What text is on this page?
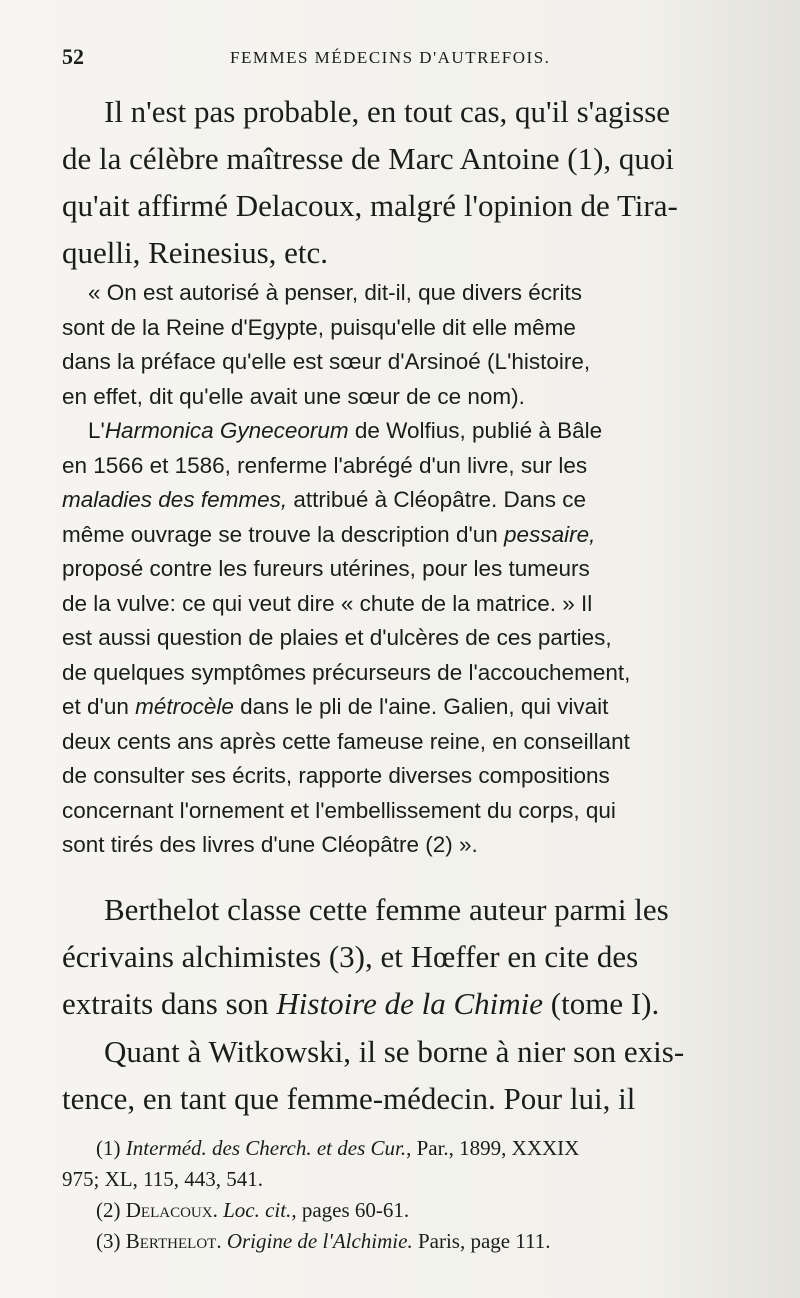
52	FEMMES MÉDECINS D'AUTREFOIS.
Il n'est pas probable, en tout cas, qu'il s'agisse
de la célèbre maîtresse de Marc Antoine (1), quoi
qu'ait affirmé Delacoux, malgré l'opinion de Tira-
quelli, Reinesius, etc.
« On est autorisé à penser, dit-il, que divers écrits
sont de la Reine d'Egypte, puisqu'elle dit elle même
dans la préface qu'elle est sœur d'Arsinoé (L'histoire,
en effet, dit qu'elle avait une sœur de ce nom).
L'Harmonica Gyneceorum de Wolfius, publié à Bâle
en 1566 et 1586, renferme l'abrégé d'un livre, sur les
maladies des femmes, attribué à Cléopâtre. Dans ce
même ouvrage se trouve la description d'un pessaire,
proposé contre les fureurs utérines, pour les tumeurs
de la vulve: ce qui veut dire « chute de la matrice. » Il
est aussi question de plaies et d'ulcères de ces parties,
de quelques symptômes précurseurs de l'accouchement,
et d'un métrocèle dans le pli de l'aine. Galien, qui vivait
deux cents ans après cette fameuse reine, en conseillant
de consulter ses écrits, rapporte diverses compositions
concernant l'ornement et l'embellissement du corps, qui
sont tirés des livres d'une Cléopâtre (2) ».
Berthelot classe cette femme auteur parmi les
écrivains alchimistes (3), et Hœffer en cite des
extraits dans son Histoire de la Chimie (tome I).
Quant à Witkowski, il se borne à nier son exis-
tence, en tant que femme-médecin. Pour lui, il

(1) Interméd. des Cherch. et des Cur., Par., 1899, XXXIX

975; XL, 115, 443, 541.

(2) Delacoux. Loc. cit., pages 60-61.

(3) Berthelot. Origine de l'Alchimie. Paris, page 111.
